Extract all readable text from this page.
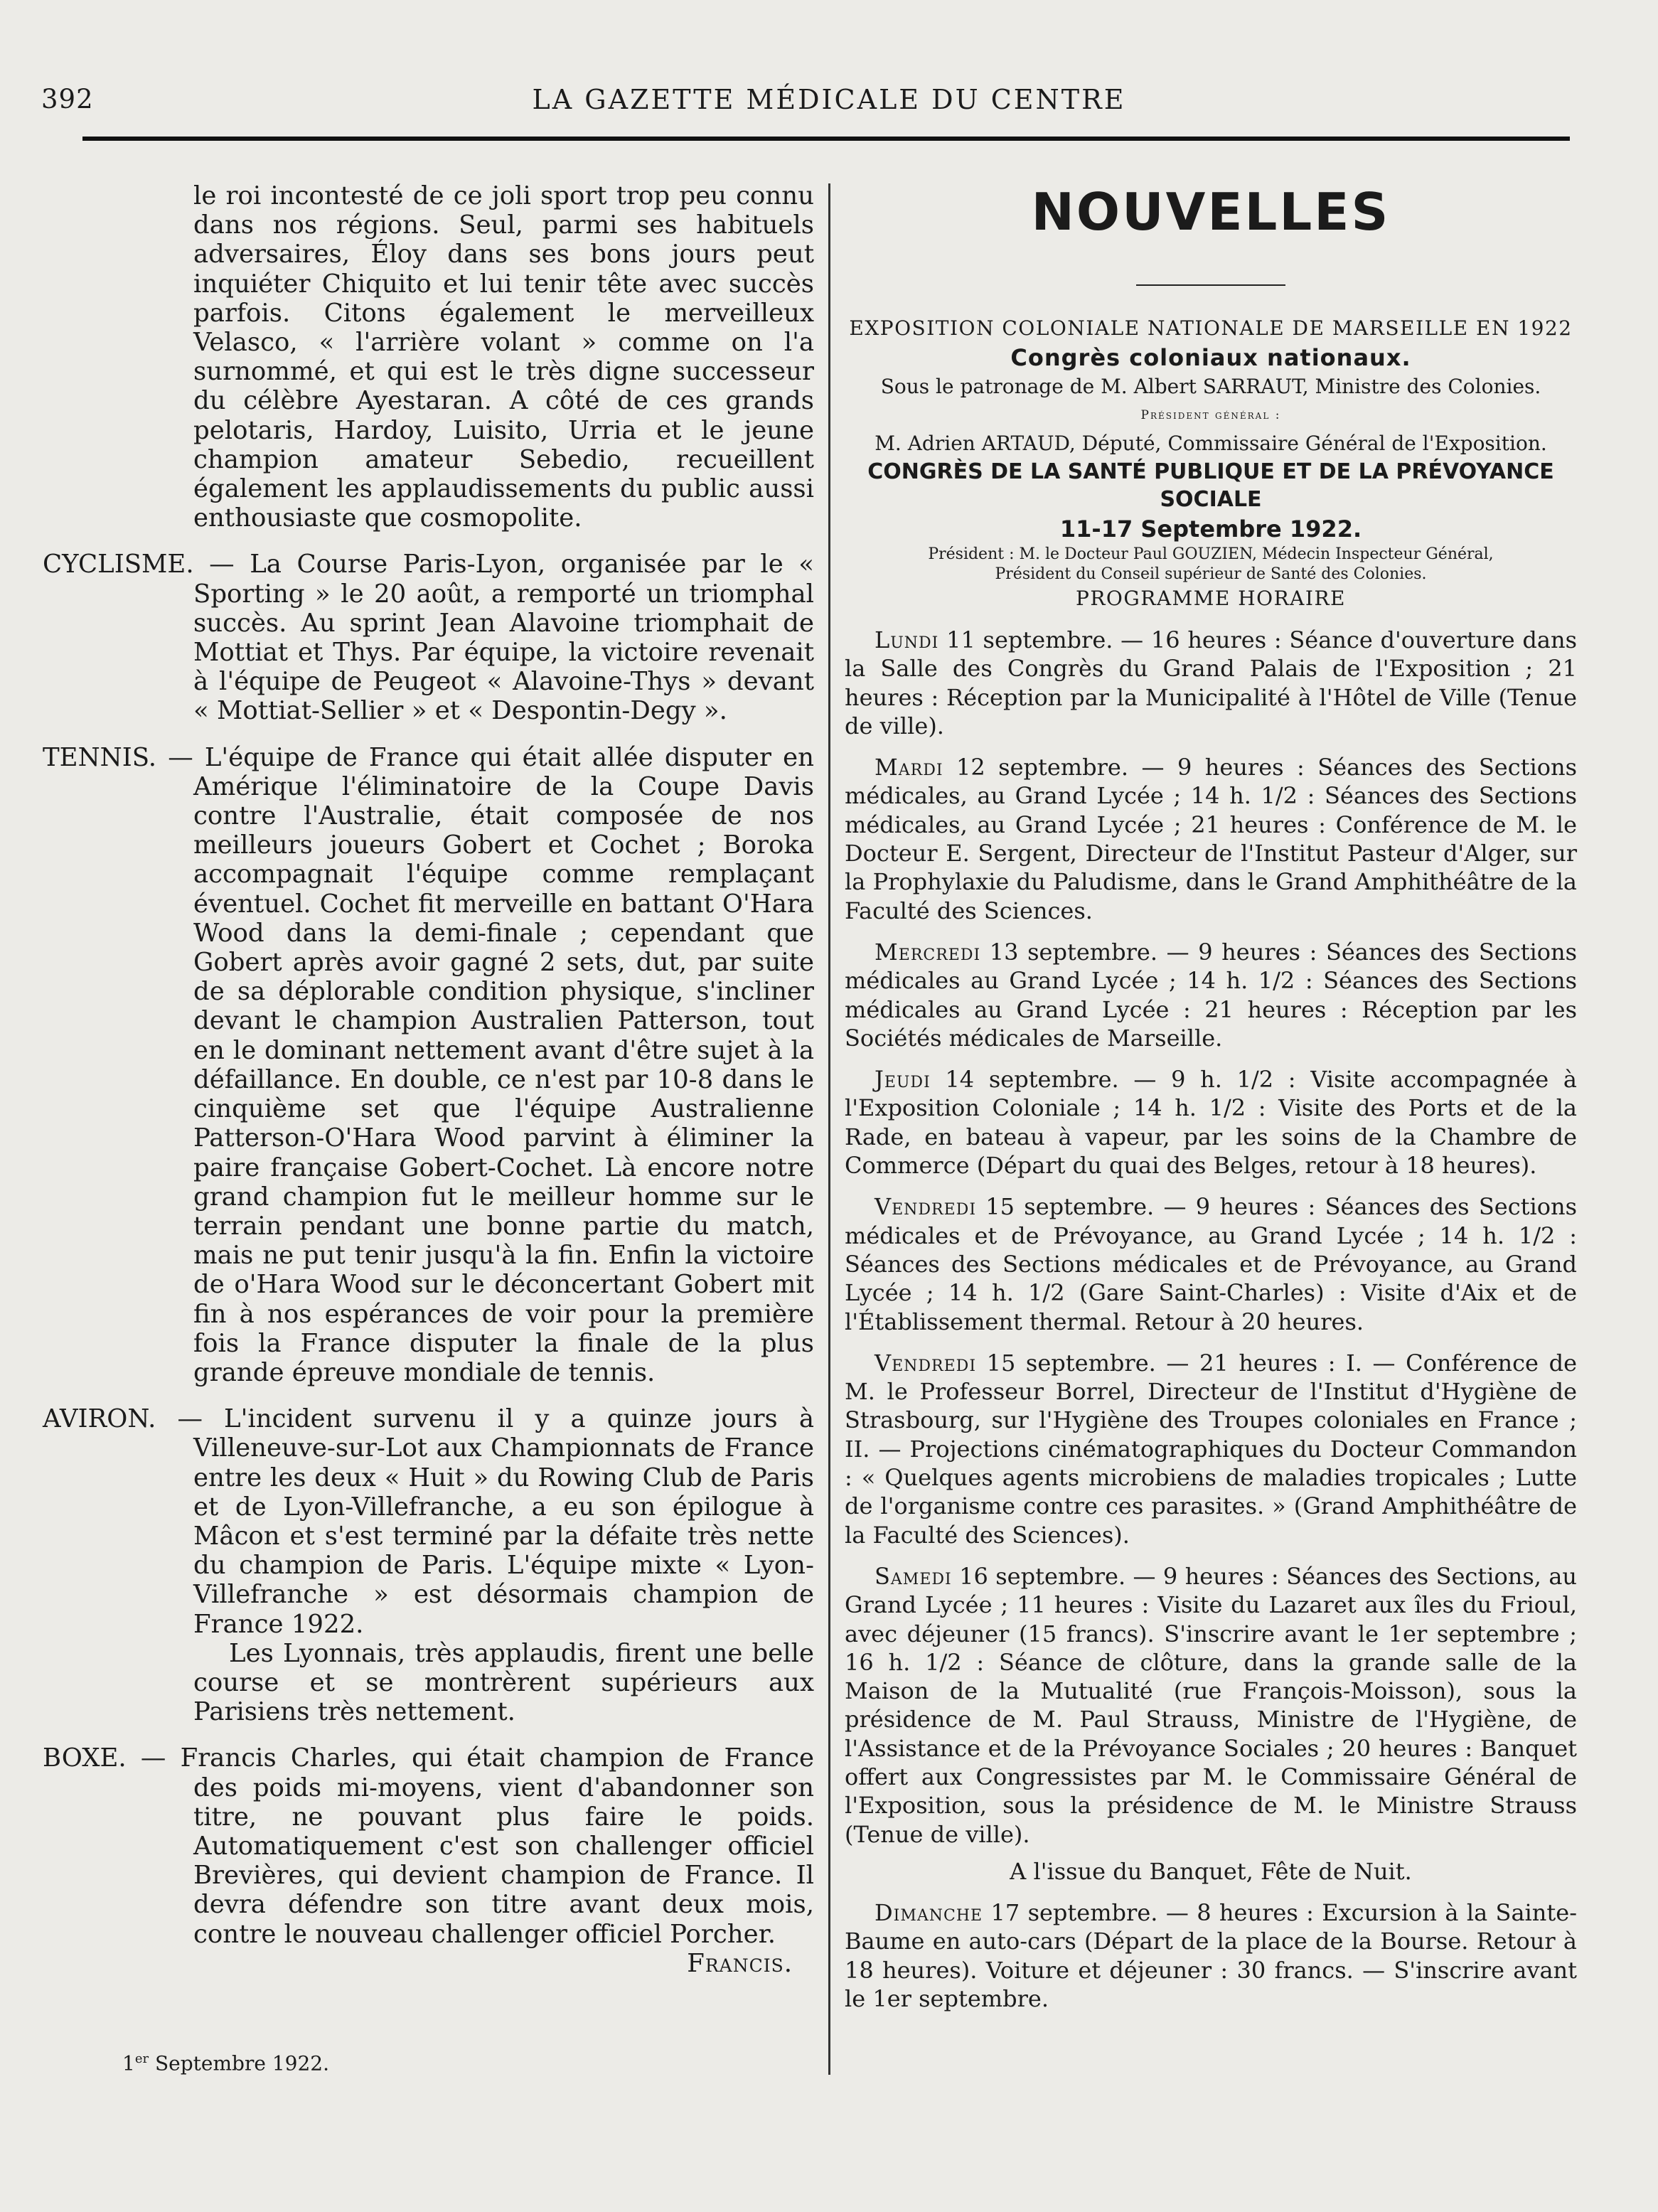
392	LA GAZETTE MÉDICALE DU CENTRE

le roi incontesté de ce joli sport trop peu connu dans nos régions. Seul, parmi ses habituels adversaires, Éloy dans ses bons jours peut inquiéter Chiquito et lui tenir tête avec succès parfois. Citons également le merveilleux Velasco, « l'arrière volant » comme on l'a surnommé, et qui est le très digne successeur du célèbre Ayestaran. A côté de ces grands pelotaris, Hardoy, Luisito, Urria et le jeune champion amateur Sebedio, recueillent également les applaudissements du public aussi enthousiaste que cosmopolite.

CYCLISME. — La Course Paris-Lyon, organisée par le « Sporting » le 20 août, a remporté un triomphal succès. Au sprint Jean Alavoine triomphait de Mottiat et Thys. Par équipe, la victoire revenait à l'équipe de Peugeot « Alavoine-Thys » devant « Mottiat-Sellier » et « Despontin-Degy ».

TENNIS. — L'équipe de France qui était allée disputer en Amérique l'éliminatoire de la Coupe Davis contre l'Australie, était composée de nos meilleurs joueurs Gobert et Cochet ; Boroka accompagnait l'équipe comme remplaçant éventuel. Cochet fit merveille en battant O'Hara Wood dans la demi-finale ; cependant que Gobert après avoir gagné 2 sets, dut, par suite de sa déplorable condition physique, s'incliner devant le champion Australien Patterson, tout en le dominant nettement avant d'être sujet à la défaillance. En double, ce n'est par 10-8 dans le cinquième set que l'équipe Australienne Patterson-O'Hara Wood parvint à éliminer la paire française Gobert-Cochet. Là encore notre grand champion fut le meilleur homme sur le terrain pendant une bonne partie du match, mais ne put tenir jusqu'à la fin. Enfin la victoire de o'Hara Wood sur le déconcertant Gobert mit fin à nos espérances de voir pour la première fois la France disputer la finale de la plus grande épreuve mondiale de tennis.

AVIRON. — L'incident survenu il y a quinze jours à Villeneuve-sur-Lot aux Championnats de France entre les deux « Huit » du Rowing Club de Paris et de Lyon-Villefranche, a eu son épilogue à Mâcon et s'est terminé par la défaite très nette du champion de Paris. L'équipe mixte « Lyon-Villefranche » est désormais champion de France 1922.

Les Lyonnais, très applaudis, firent une belle course et se montrèrent supérieurs aux Parisiens très nettement.

BOXE. — Francis Charles, qui était champion de France des poids mi-moyens, vient d'abandonner son titre, ne pouvant plus faire le poids. Automatiquement c'est son challenger officiel Brevières, qui devient champion de France. Il devra défendre son titre avant deux mois, contre le nouveau challenger officiel Porcher.

Francis.

1er Septembre 1922.
NOUVELLES

EXPOSITION COLONIALE NATIONALE DE MARSEILLE EN 1922

Congrès coloniaux nationaux.

Sous le patronage de M. Albert SARRAUT, Ministre des Colonies.

Président général :

M. Adrien ARTAUD, Député, Commissaire Général de l'Exposition.

CONGRÈS DE LA SANTÉ PUBLIQUE ET DE LA PRÉVOYANCE SOCIALE

11-17 Septembre 1922.

Président : M. le Docteur Paul GOUZIEN, Médecin Inspecteur Général,

Président du Conseil supérieur de Santé des Colonies.

PROGRAMME HORAIRE

Lundi 11 septembre. — 16 heures : Séance d'ouverture dans la Salle des Congrès du Grand Palais de l'Exposition ; 21 heures : Réception par la Municipalité à l'Hôtel de Ville (Tenue de ville).

Mardi 12 septembre. — 9 heures : Séances des Sections médicales, au Grand Lycée ; 14 h. 1/2 : Séances des Sections médicales, au Grand Lycée ; 21 heures : Conférence de M. le Docteur E. Sergent, Directeur de l'Institut Pasteur d'Alger, sur la Prophylaxie du Paludisme, dans le Grand Amphithéâtre de la Faculté des Sciences.

Mercredi 13 septembre. — 9 heures : Séances des Sections médicales au Grand Lycée ; 14 h. 1/2 : Séances des Sections médicales au Grand Lycée : 21 heures : Réception par les Sociétés médicales de Marseille.

Jeudi 14 septembre. — 9 h. 1/2 : Visite accompagnée à l'Exposition Coloniale ; 14 h. 1/2 : Visite des Ports et de la Rade, en bateau à vapeur, par les soins de la Chambre de Commerce (Départ du quai des Belges, retour à 18 heures).

Vendredi 15 septembre. — 9 heures : Séances des Sections médicales et de Prévoyance, au Grand Lycée ; 14 h. 1/2 : Séances des Sections médicales et de Prévoyance, au Grand Lycée ; 14 h. 1/2 (Gare Saint-Charles) : Visite d'Aix et de l'Établissement thermal. Retour à 20 heures.

Vendredi 15 septembre. — 21 heures : I. — Conférence de M. le Professeur Borrel, Directeur de l'Institut d'Hygiène de Strasbourg, sur l'Hygiène des Troupes coloniales en France ; II. — Projections cinématographiques du Docteur Commandon : « Quelques agents microbiens de maladies tropicales ; Lutte de l'organisme contre ces parasites. » (Grand Amphithéâtre de la Faculté des Sciences).

Samedi 16 septembre. — 9 heures : Séances des Sections, au Grand Lycée ; 11 heures : Visite du Lazaret aux îles du Frioul, avec déjeuner (15 francs). S'inscrire avant le 1er septembre ; 16 h. 1/2 : Séance de clôture, dans la grande salle de la Maison de la Mutualité (rue François-Moisson), sous la présidence de M. Paul Strauss, Ministre de l'Hygiène, de l'Assistance et de la Prévoyance Sociales ; 20 heures : Banquet offert aux Congressistes par M. le Commissaire Général de l'Exposition, sous la présidence de M. le Ministre Strauss (Tenue de ville).

A l'issue du Banquet, Fête de Nuit.

Dimanche 17 septembre. — 8 heures : Excursion à la Sainte-Baume en auto-cars (Départ de la place de la Bourse. Retour à 18 heures). Voiture et déjeuner : 30 francs. — S'inscrire avant le 1er septembre.
